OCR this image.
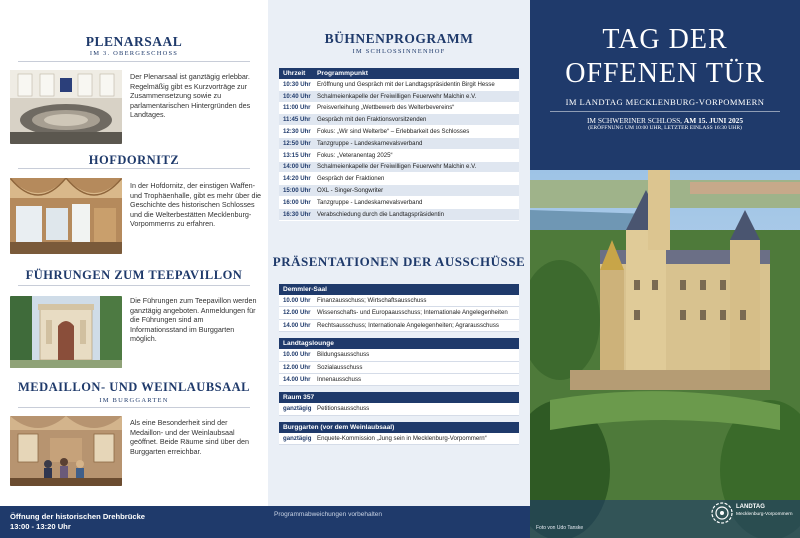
PLENARSAAL
IM 3. OBERGESCHOSS
Der Plenarsaal ist ganztägig erlebbar. Regelmäßig gibt es Kurzvorträge zur Zusammensetzung sowie zu parlamentarischen Hintergründen des Landtages.
HOFDORNITZ
In der Hofdornitz, der einstigen Waffen- und Trophäenhalle, gibt es mehr über die Geschichte des historischen Schlosses und die Welterbestätten Mecklenburg-Vorpommerns zu erfahren.
FÜHRUNGEN ZUM TEEPAVILLON
Die Führungen zum Teepavillon werden ganztägig angeboten. Anmeldungen für die Führungen sind am Informationsstand im Burggarten möglich.
MEDAILLON- UND WEINLAUBSAAL
IM BURGGARTEN
Als eine Besonderheit sind der Medaillon- und der Weinlaubsaal geöffnet. Beide Räume sind über den Burggarten erreichbar.
Öffnung der historischen Drehbrücke
13:00 - 13:20 Uhr
BÜHNENPROGRAMM
IM SCHLOSSINNENHOF
Uhrzeit	Programmpunkt
10:30 Uhr	Eröffnung und Gespräch mit der Landtagspräsidentin Birgit Hesse
10:40 Uhr	Schalmeienkapelle der Freiwilligen Feuerwehr Malchin e.V.
11:00 Uhr	Preisverleihung „Wettbewerb des Welterbevereins“
11:45 Uhr	Gespräch mit den Fraktionsvorsitzenden
12:30 Uhr	Fokus: „Wir sind Welterbe“ – Erlebbarkeit des Schlosses
12:50 Uhr	Tanzgruppe - Landeskarnevalsverband
13:15 Uhr	Fokus: „Veteranentag 2025“
14:00 Uhr	Schalmeienkapelle der Freiwilligen Feuerwehr Malchin e.V.
14:20 Uhr	Gespräch der Fraktionen
15:00 Uhr	ÖXL - Singer-Songwriter
16:00 Uhr	Tanzgruppe - Landeskarnevalsverband
16:30 Uhr	Verabschiedung durch die Landtagspräsidentin
PRÄSENTATIONEN DER AUSSCHÜSSE
Demmler-Saal
10.00 Uhr	Finanzausschuss; Wirtschaftsausschuss
12.00 Uhr	Wissenschafts- und Europaausschuss; Internationale Angelegenheiten
14.00 Uhr	Rechtsausschuss; Internationale Angelegenheiten; Agrarausschuss
Landtagslounge
10.00 Uhr	Bildungsausschuss
12.00 Uhr	Sozialausschuss
14.00 Uhr	Innenausschuss
Raum 357
ganztägig Petitionsausschuss
Burggarten (vor dem Weinlaubsaal)
ganztägig Enquete-Kommission „Jung sein in Mecklenburg-Vorpommern“
Programmabweichungen vorbehalten
TAG DER
OFFENEN TÜR
IM LANDTAG MECKLENBURG-VORPOMMERN
IM SCHWERINER SCHLOSS, AM 15. JUNI 2025
(ERÖFFNUNG UM 10:00 UHR, LETZTER EINLASS 16:30 UHR)
Foto von Udo Tanske
LANDTAG
Mecklenburg-Vorpommern
